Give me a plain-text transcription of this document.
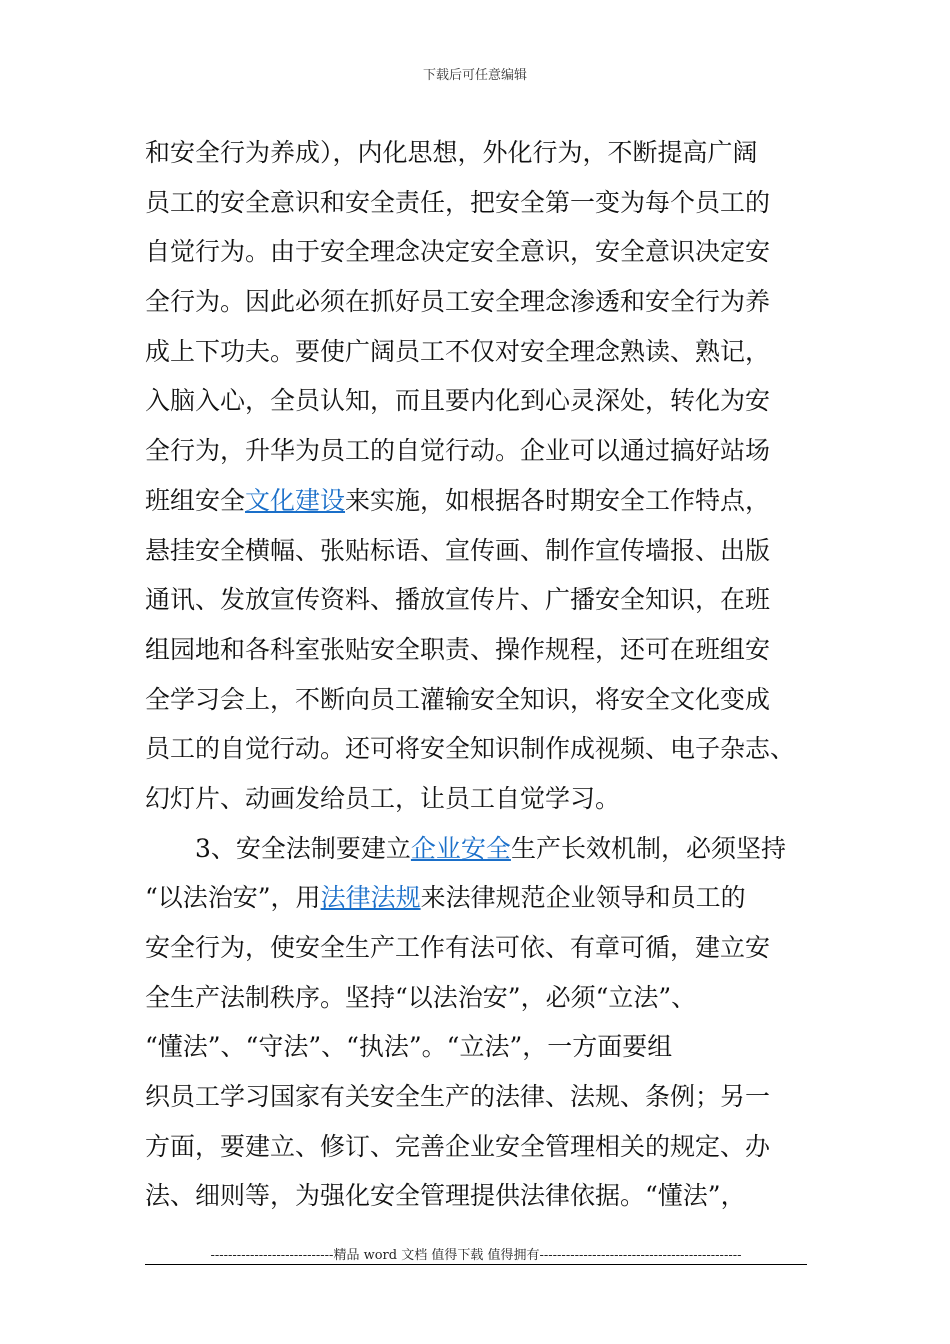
下载后可任意编辑
和安全行为养成），内化思想，外化行为，不断提高广阔
员工的安全意识和安全责任，把安全第一变为每个员工的
自觉行为。由于安全理念决定安全意识，安全意识决定安
全行为。因此必须在抓好员工安全理念渗透和安全行为养
成上下功夫。要使广阔员工不仅对安全理念熟读、熟记，
入脑入心，全员认知，而且要内化到心灵深处，转化为安
全行为，升华为员工的自觉行动。企业可以通过搞好站场
班组安全文化建设来实施，如根据各时期安全工作特点，
悬挂安全横幅、张贴标语、宣传画、制作宣传墙报、出版
通讯、发放宣传资料、播放宣传片、广播安全知识，在班
组园地和各科室张贴安全职责、操作规程，还可在班组安
全学习会上，不断向员工灌输安全知识，将安全文化变成
员工的自觉行动。还可将安全知识制作成视频、电子杂志、
幻灯片、动画发给员工，让员工自觉学习。
3、安全法制要建立企业安全生产长效机制，必须坚持
“以法治安”，用法律法规来法律规范企业领导和员工的
安全行为，使安全生产工作有法可依、有章可循，建立安
全生产法制秩序。坚持“以法治安”，必须“立法”、
“懂法”、“守法”、“执法”。“立法”，一方面要组
织员工学习国家有关安全生产的法律、法规、条例；另一
方面，要建立、修订、完善企业安全管理相关的规定、办
法、细则等，为强化安全管理提供法律依据。“懂法”，
----------------------------精品 word 文档 值得下载 值得拥有----------------------------------------------
